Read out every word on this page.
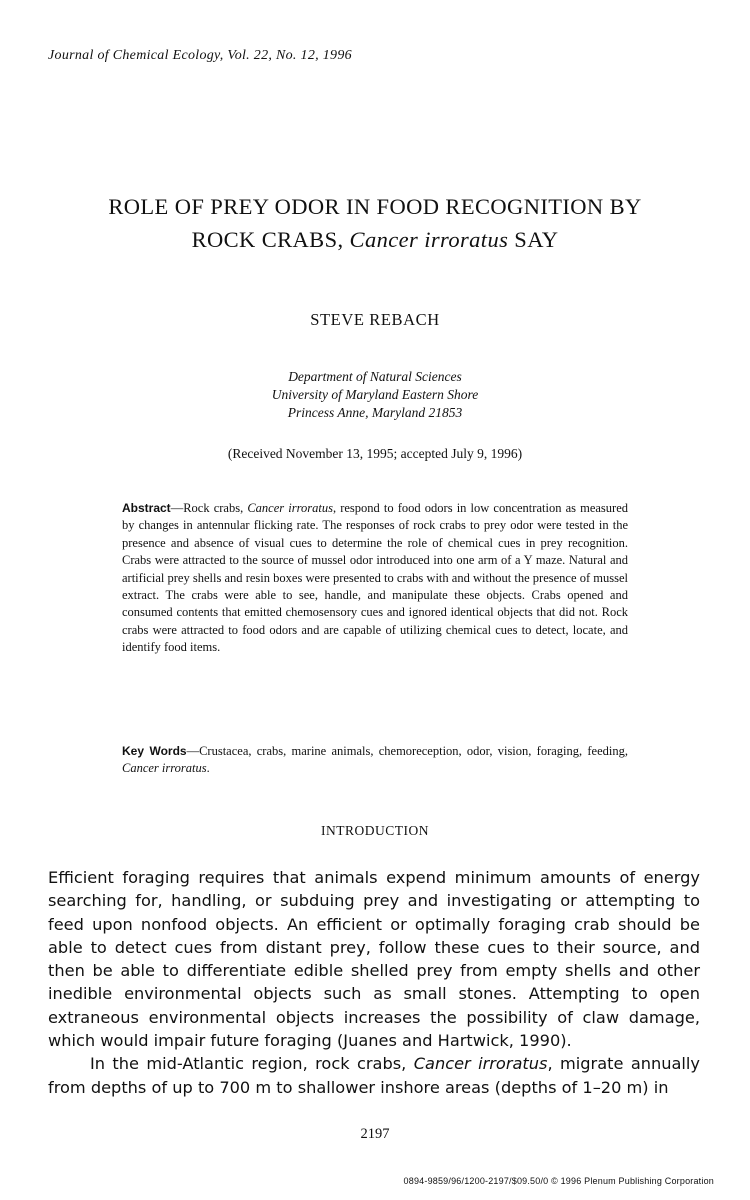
Journal of Chemical Ecology, Vol. 22, No. 12, 1996
ROLE OF PREY ODOR IN FOOD RECOGNITION BY
ROCK CRABS, Cancer irroratus SAY
STEVE REBACH
Department of Natural Sciences
University of Maryland Eastern Shore
Princess Anne, Maryland 21853
(Received November 13, 1995; accepted July 9, 1996)
Abstract—Rock crabs, Cancer irroratus, respond to food odors in low concentration as measured by changes in antennular flicking rate. The responses of rock crabs to prey odor were tested in the presence and absence of visual cues to determine the role of chemical cues in prey recognition. Crabs were attracted to the source of mussel odor introduced into one arm of a Y maze. Natural and artificial prey shells and resin boxes were presented to crabs with and without the presence of mussel extract. The crabs were able to see, handle, and manipulate these objects. Crabs opened and consumed contents that emitted chemosensory cues and ignored identical objects that did not. Rock crabs were attracted to food odors and are capable of utilizing chemical cues to detect, locate, and identify food items.
Key Words—Crustacea, crabs, marine animals, chemoreception, odor, vision, foraging, feeding, Cancer irroratus.
INTRODUCTION

Efficient foraging requires that animals expend minimum amounts of energy searching for, handling, or subduing prey and investigating or attempting to feed upon nonfood objects. An efficient or optimally foraging crab should be able to detect cues from distant prey, follow these cues to their source, and then be able to differentiate edible shelled prey from empty shells and other inedible environmental objects such as small stones. Attempting to open extraneous environmental objects increases the possibility of claw damage, which would impair future foraging (Juanes and Hartwick, 1990).

In the mid-Atlantic region, rock crabs, Cancer irroratus, migrate annually from depths of up to 700 m to shallower inshore areas (depths of 1–20 m) in

2197
0894-9859/96/1200-2197/$09.50/0 © 1996 Plenum Publishing Corporation
